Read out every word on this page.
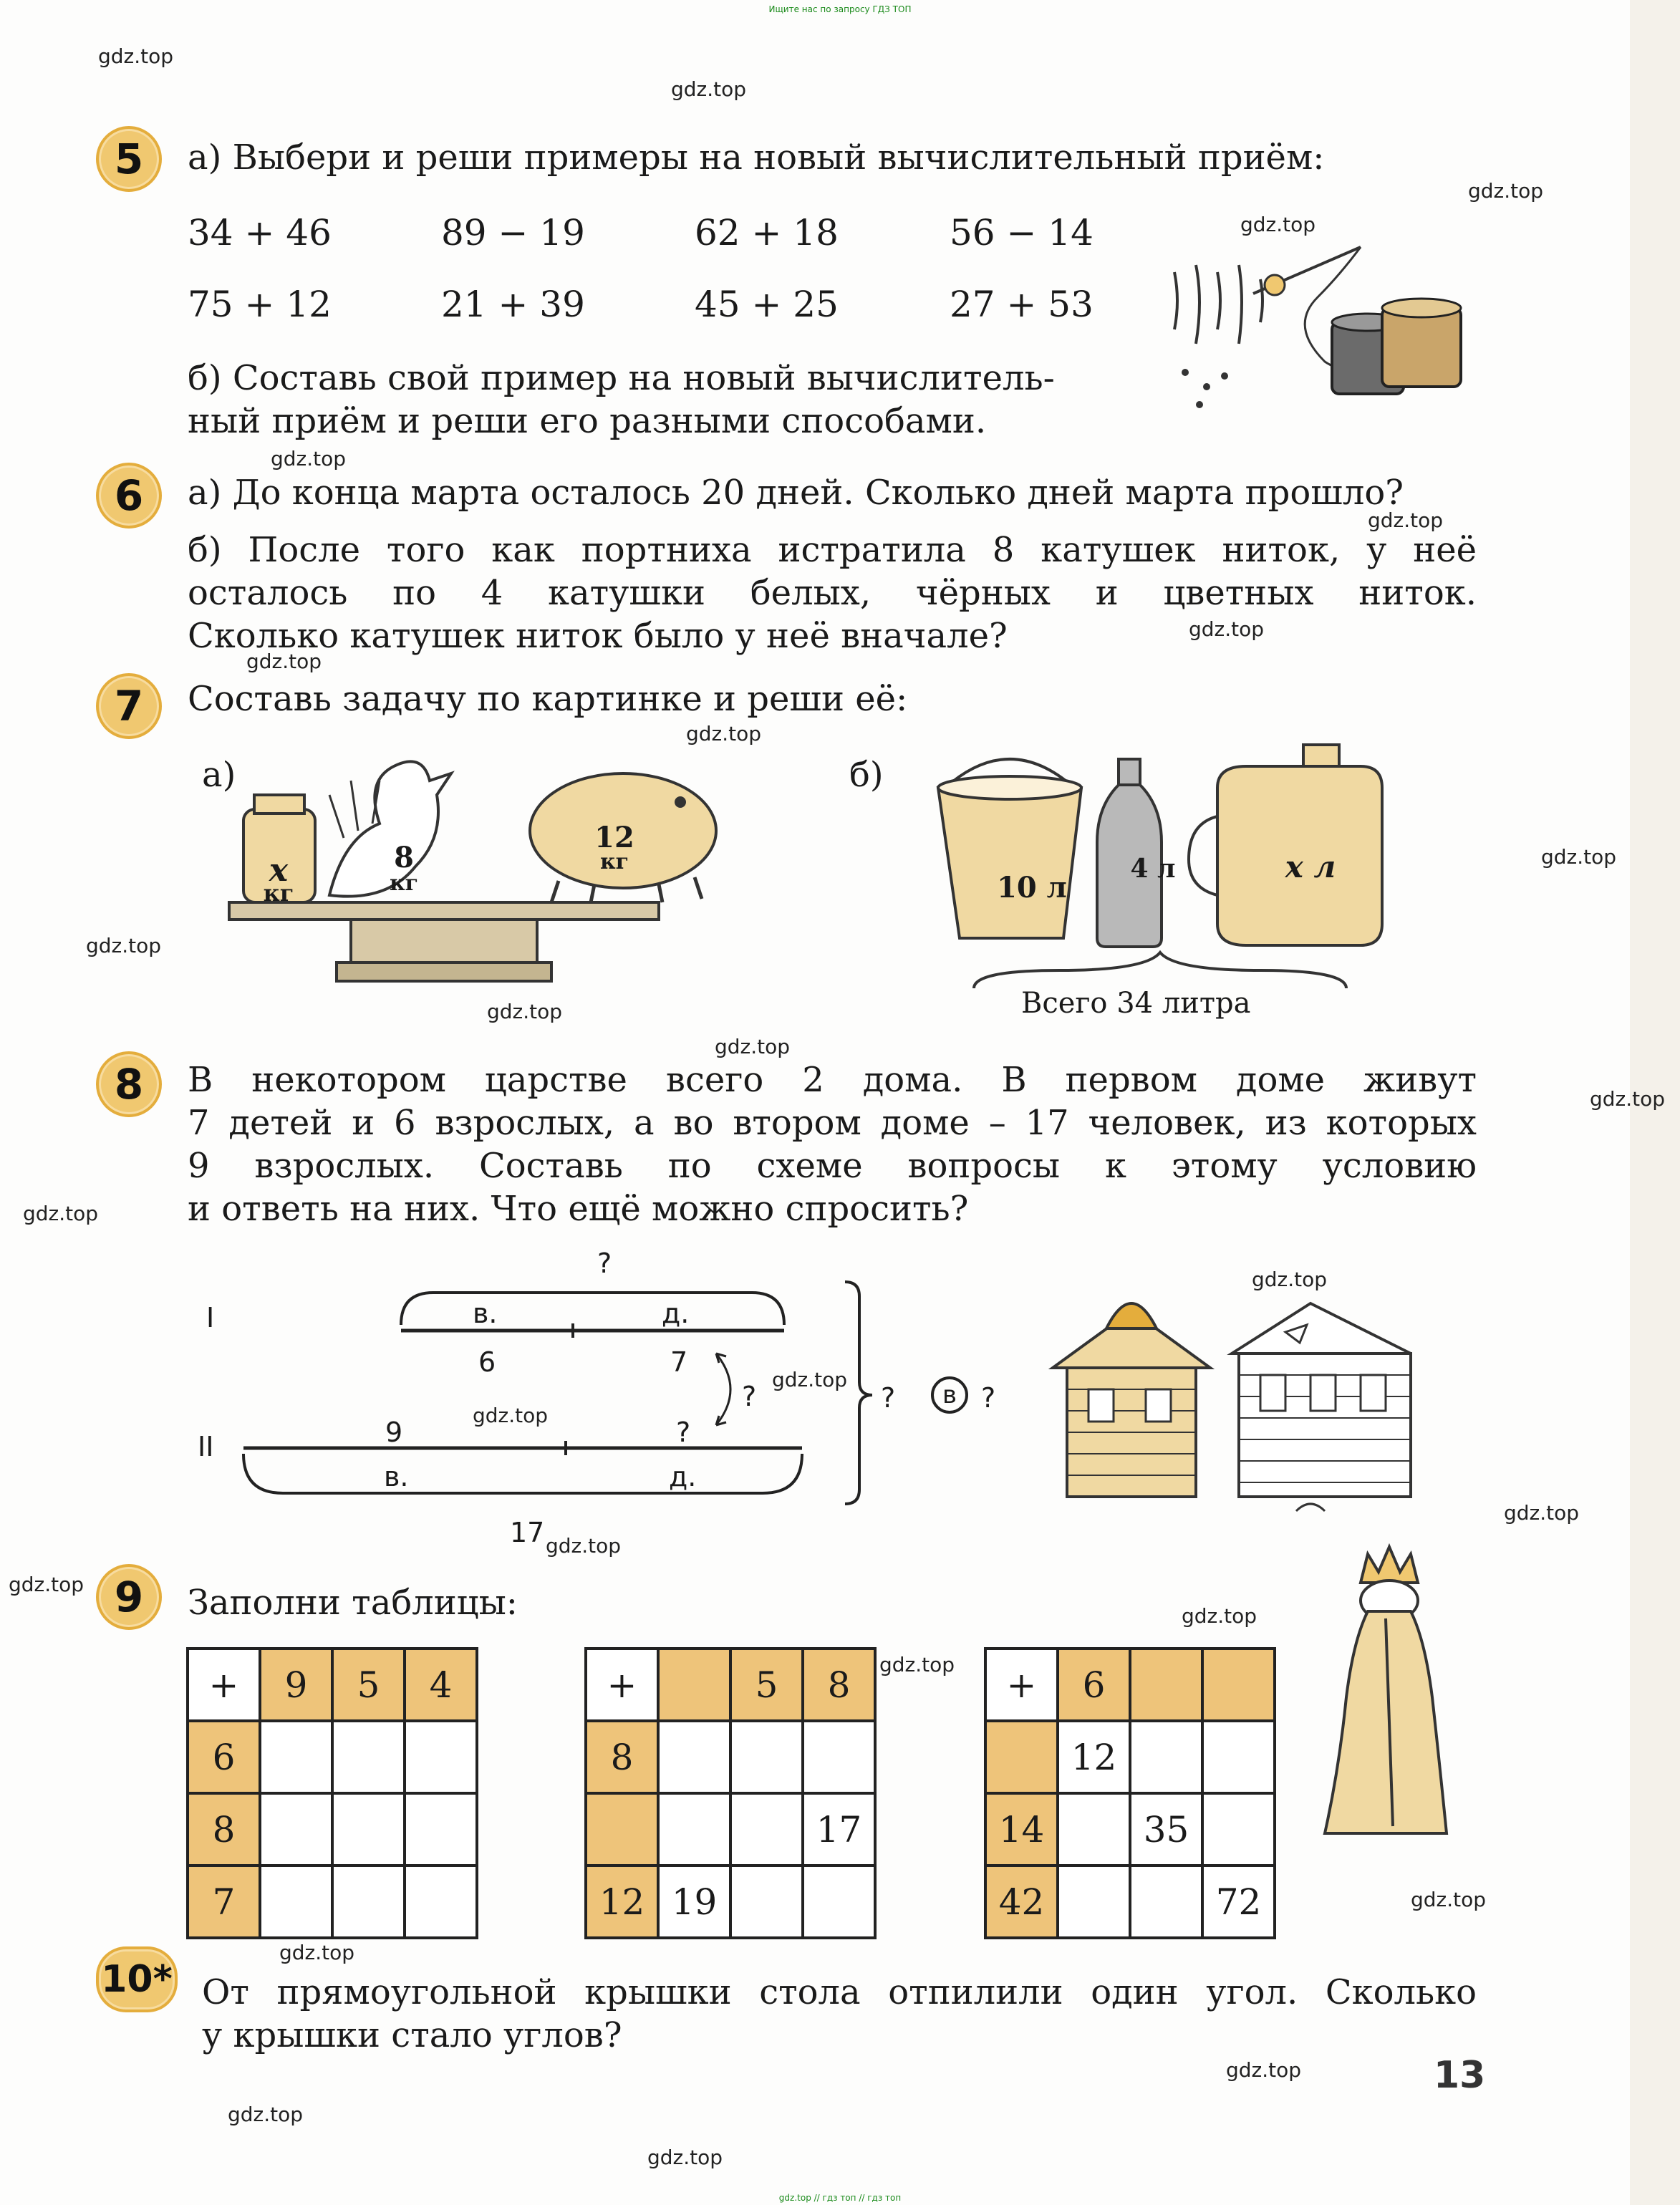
Ищите нас по запросу ГДЗ ТОП
gdz.top
gdz.top
gdz.top
gdz.top
gdz.top
gdz.top
gdz.top
gdz.top
gdz.top
gdz.top
gdz.top
gdz.top
gdz.top
gdz.top
gdz.top
gdz.top
gdz.top
gdz.top
gdz.top
gdz.top
gdz.top
gdz.top
gdz.top
gdz.top
gdz.top
gdz.top
gdz.top
gdz.top
5	а) Выбери и реши примеры на новый вычислительный приём:
34 + 46	89 − 19	62 + 18	56 − 14
75 + 12	21 + 39	45 + 25	27 + 53
б) Составь свой пример на новый вычислитель-
ный приём и реши его разными способами.
6	а) До конца марта осталось 20 дней. Сколько дней марта прошло?
б) После того как портниха истратила 8 катушек ниток, у неё
осталось по 4 катушки белых, чёрных и цветных ниток.
Сколько катушек ниток было у неё вначале?
7	Составь задачу по картинке и реши её:
а)	б)
x
кг
8
кг
12
кг
10 л
4 л	x л
Всего 34 литра
8	В некотором царстве всего 2 дома. В первом доме живут
7 детей и 6 взрослых, а во втором доме – 17 человек, из которых
9 взрослых. Составь по схеме вопросы к этому условию
и ответь на них. Что ещё можно спросить?
I
II
?
в.	д.
6	7
?
9	?
в.	д.
17
? в ?
9	Заполни таблицы:
+	9	5	4
6			
8			
7			
+		5	8
8			
			17
12	19		
+	6		
	12		
14		35	
42			72
10* От прямоугольной крышки стола отпилили один угол. Сколько
у крышки стало углов?
13
gdz.top // гдз топ // гдз топ
